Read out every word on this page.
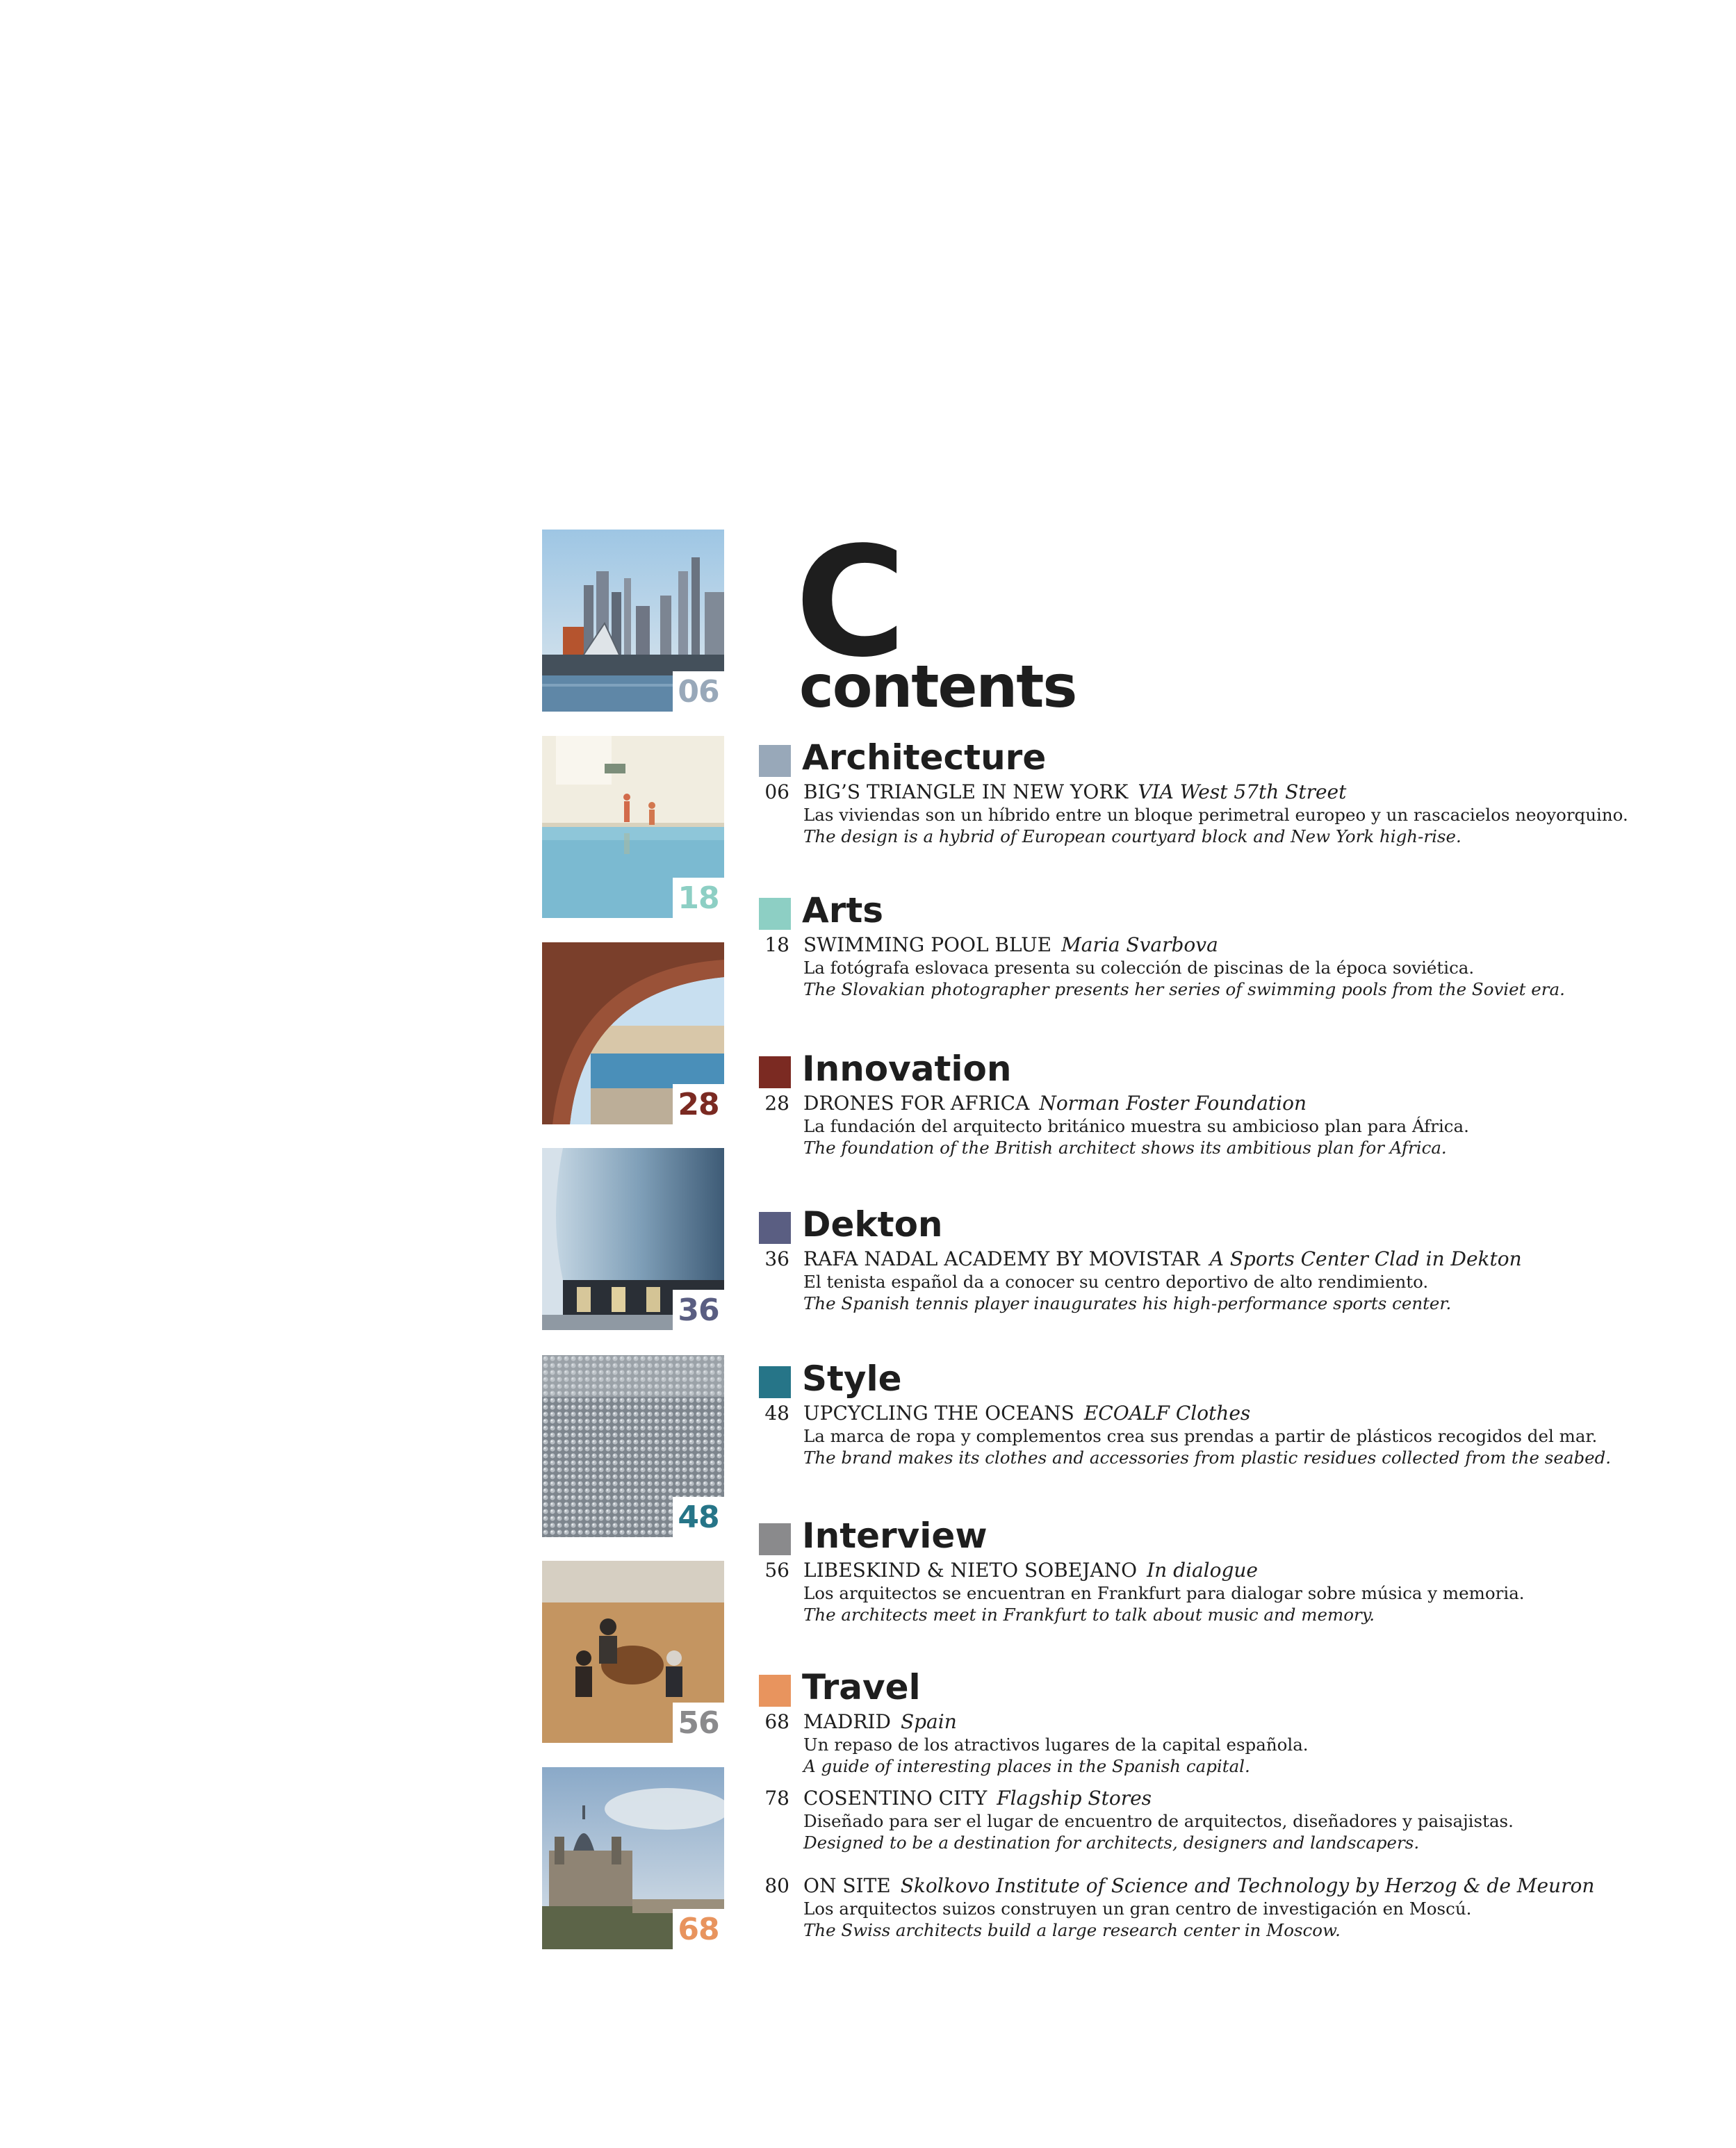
06
18
28
36
48
56
68
C
contents
Architecture
06 BIG’S TRIANGLE IN NEW YORK VIA West 57th Street
Las viviendas son un híbrido entre un bloque perimetral europeo y un rascacielos neoyorquino.
The design is a hybrid of European courtyard block and New York high-rise.
Arts
18 SWIMMING POOL BLUE Maria Svarbova
La fotógrafa eslovaca presenta su colección de piscinas de la época soviética.
The Slovakian photographer presents her series of swimming pools from the Soviet era.
Innovation
28 DRONES FOR AFRICA Norman Foster Foundation
La fundación del arquitecto británico muestra su ambicioso plan para África.
The foundation of the British architect shows its ambitious plan for Africa.
Dekton
36 RAFA NADAL ACADEMY BY MOVISTAR A Sports Center Clad in Dekton
El tenista español da a conocer su centro deportivo de alto rendimiento.
The Spanish tennis player inaugurates his high-performance sports center.
Style
48 UPCYCLING THE OCEANS ECOALF Clothes
La marca de ropa y complementos crea sus prendas a partir de plásticos recogidos del mar.
The brand makes its clothes and accessories from plastic residues collected from the seabed.
Interview
56 LIBESKIND & NIETO SOBEJANO In dialogue
Los arquitectos se encuentran en Frankfurt para dialogar sobre música y memoria.
The architects meet in Frankfurt to talk about music and memory.
Travel
68 MADRID Spain
Un repaso de los atractivos lugares de la capital española.
A guide of interesting places in the Spanish capital.
78 COSENTINO CITY Flagship Stores
Diseñado para ser el lugar de encuentro de arquitectos, diseñadores y paisajistas.
Designed to be a destination for architects, designers and landscapers.
80 ON SITE Skolkovo Institute of Science and Technology by Herzog & de Meuron
Los arquitectos suizos construyen un gran centro de investigación en Moscú.
The Swiss architects build a large research center in Moscow.
